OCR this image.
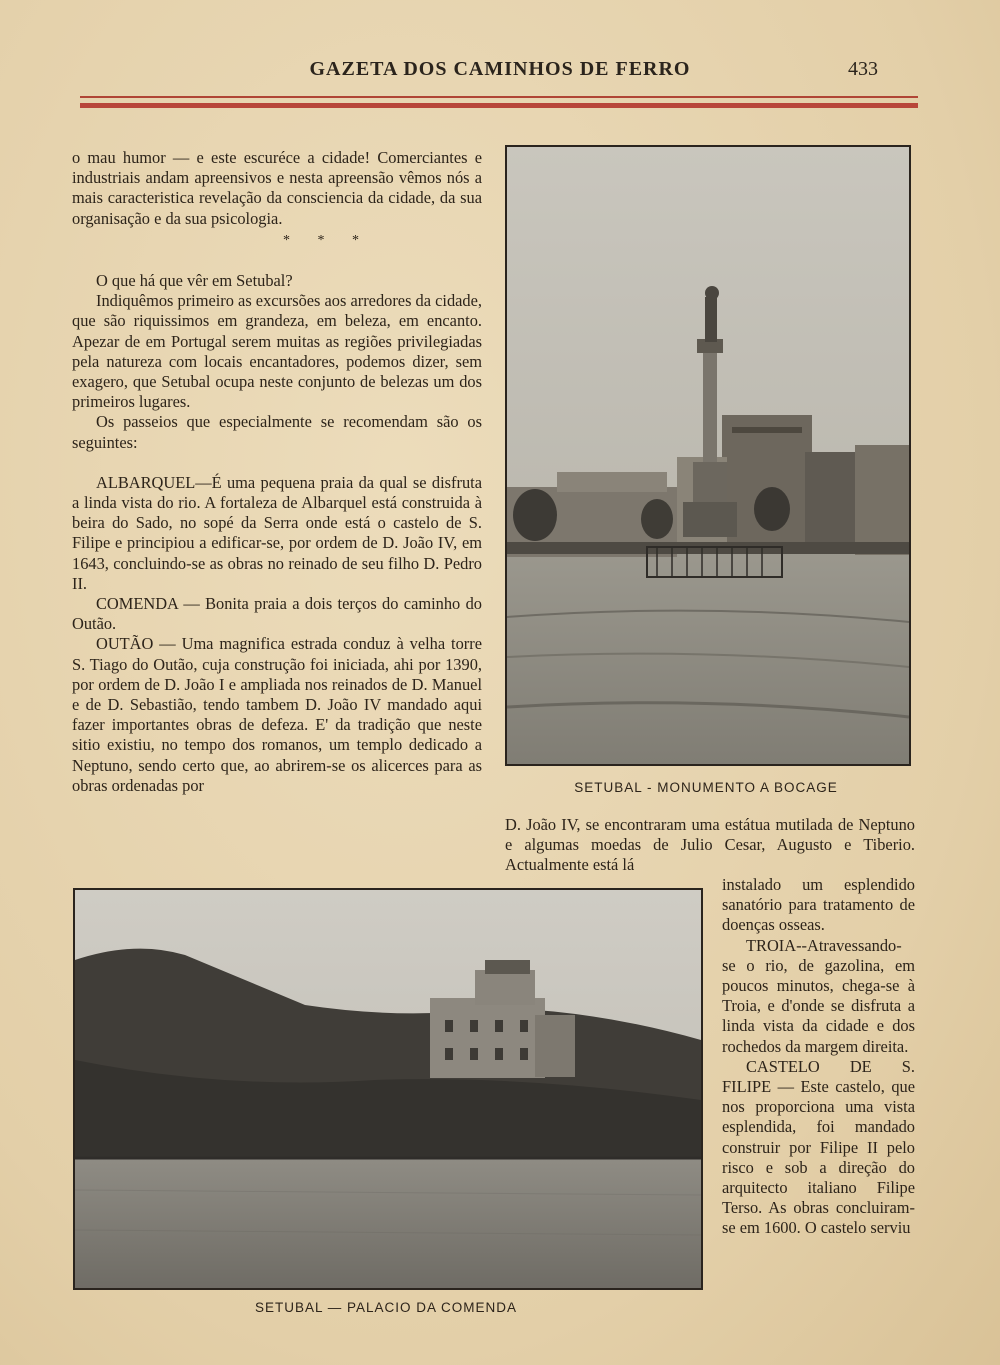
GAZETA DOS CAMINHOS DE FERRO	433

o mau humor — e este escuréce a cidade! Comerciantes e industriais andam apreensivos e nesta apreensão vêmos nós a mais caracteristica revelação da consciencia da cidade, da sua organisação e da sua psicologia.

* * *

O que há que vêr em Setubal?

Indiquêmos primeiro as excursões aos arredores da cidade, que são riquissimos em grandeza, em beleza, em encanto. Apezar de em Portugal serem muitas as regiões privilegiadas pela natureza com locais encantadores, podemos dizer, sem exagero, que Setubal ocupa neste conjunto de belezas um dos primeiros lugares.

Os passeios que especialmente se recomendam são os seguintes:

ALBARQUEL—É uma pequena praia da qual se disfruta a linda vista do rio. A fortaleza de Albarquel está construida à beira do Sado, no sopé da Serra onde está o castelo de S. Filipe e principiou a edificar-se, por ordem de D. João IV, em 1643, concluindo-se as obras no reinado de seu filho D. Pedro II.

COMENDA — Bonita praia a dois terços do caminho do Outão.

OUTÃO — Uma magnifica estrada conduz à velha torre S. Tiago do Outão, cuja construção foi iniciada, ahi por 1390, por ordem de D. João I e ampliada nos reinados de D. Manuel e de D. Sebastião, tendo tambem D. João IV mandado aqui fazer importantes obras de defeza. E' da tradição que neste sitio existiu, no tempo dos romanos, um templo dedicado a Neptuno, sendo certo que, ao abrirem-se os alicerces para as obras ordenadas por	SETUBAL - MONUMENTO A BOCAGE

D. João IV, se encontraram uma estátua mutilada de Neptuno e algumas moedas de Julio Cesar, Augusto e Tiberio. Actualmente está lá

SETUBAL — PALACIO DA COMENDA

instalado um esplendido sanatório para tratamento de doenças osseas.

TROIA--Atravessando-se o rio, de gazolina, em poucos minutos, chega-se à Troia, e d'onde se disfruta a linda vista da cidade e dos rochedos da margem direita.

CASTELO DE S. FILIPE — Este castelo, que nos proporciona uma vista esplendida, foi mandado construir por Filipe II pelo risco e sob a direção do arquitecto italiano Filipe Terso. As obras concluiram-se em 1600. O castelo serviu
